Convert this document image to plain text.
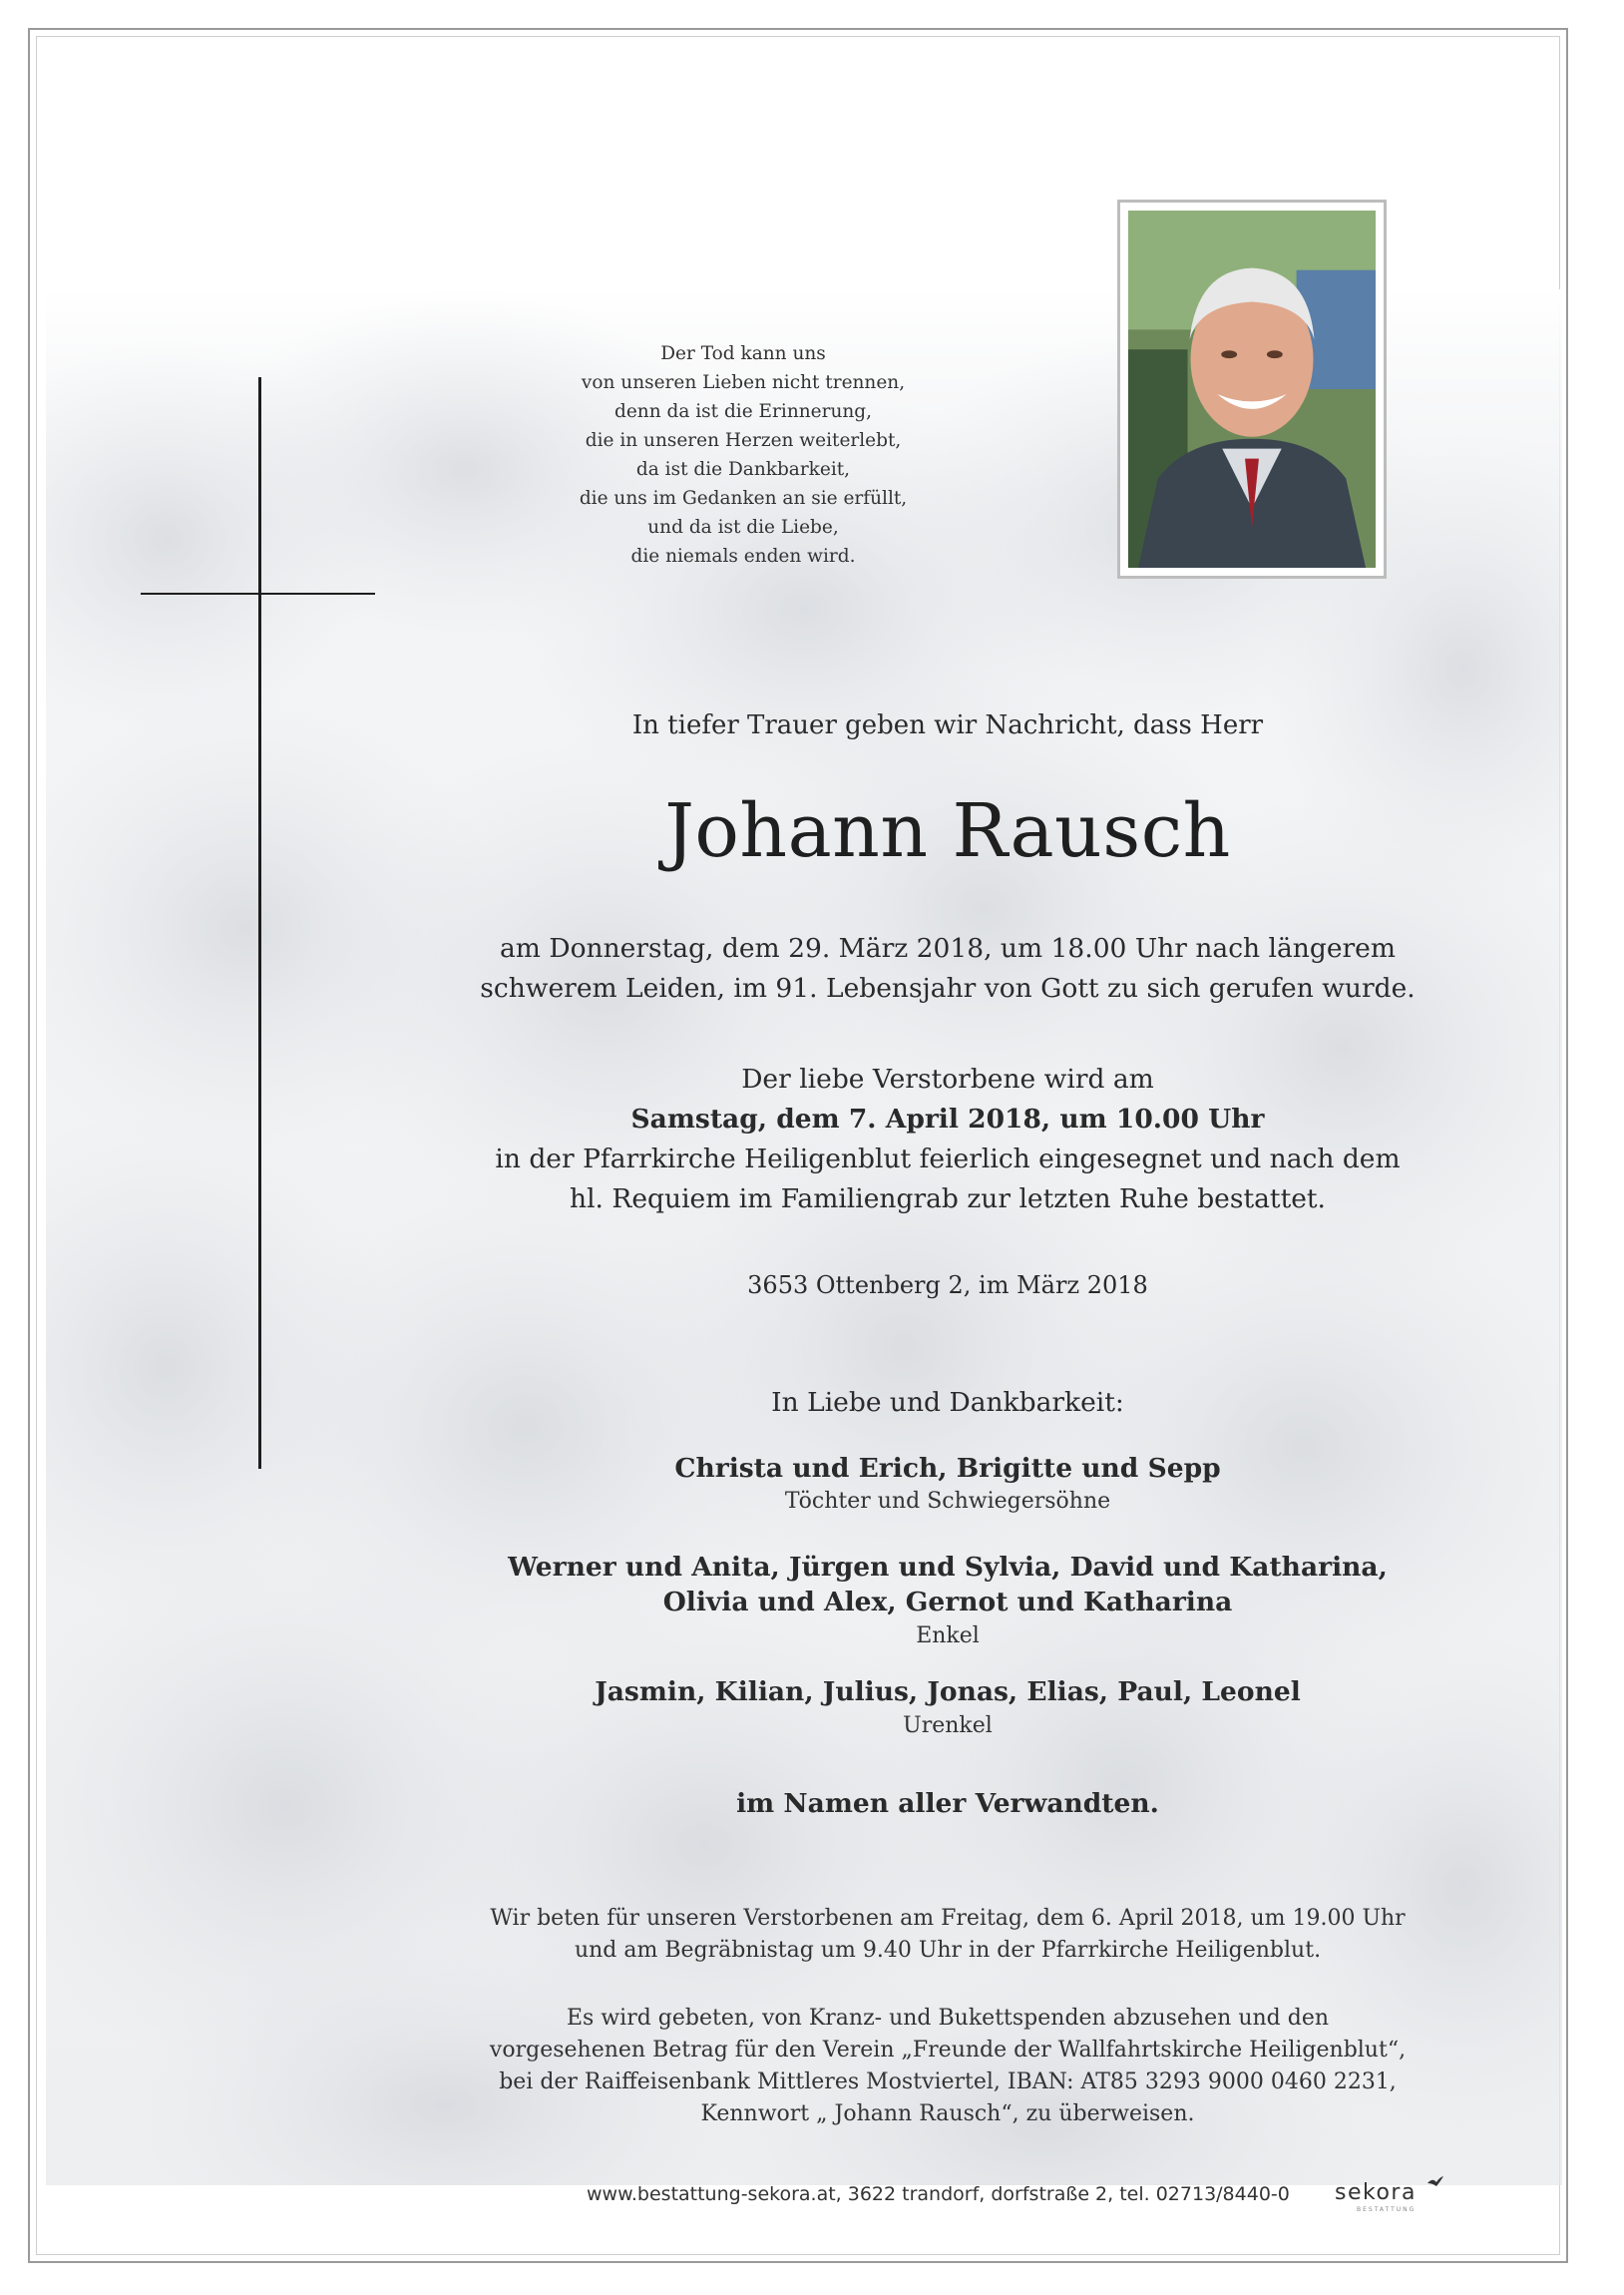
Der Tod kann uns
von unseren Lieben nicht trennen,
denn da ist die Erinnerung,
die in unseren Herzen weiterlebt,
da ist die Dankbarkeit,
die uns im Gedanken an sie erfüllt,
und da ist die Liebe,
die niemals enden wird.
In tiefer Trauer geben wir Nachricht, dass Herr
Johann Rausch
am Donnerstag, dem 29. März 2018, um 18.00 Uhr nach längerem
schwerem Leiden, im 91. Lebensjahr von Gott zu sich gerufen wurde.
Der liebe Verstorbene wird am
Samstag, dem 7. April 2018, um 10.00 Uhr
in der Pfarrkirche Heiligenblut feierlich eingesegnet und nach dem
hl. Requiem im Familiengrab zur letzten Ruhe bestattet.
3653 Ottenberg 2, im März 2018
In Liebe und Dankbarkeit:
Christa und Erich, Brigitte und Sepp
Töchter und Schwiegersöhne
Werner und Anita, Jürgen und Sylvia, David und Katharina,
Olivia und Alex, Gernot und Katharina
Enkel
Jasmin, Kilian, Julius, Jonas, Elias, Paul, Leonel
Urenkel
im Namen aller Verwandten.
Wir beten für unseren Verstorbenen am Freitag, dem 6. April 2018, um 19.00 Uhr
und am Begräbnistag um 9.40 Uhr in der Pfarrkirche Heiligenblut.
Es wird gebeten, von Kranz- und Bukettspenden abzusehen und den
vorgesehenen Betrag für den Verein „Freunde der Wallfahrtskirche Heiligenblut“,
bei der Raiffeisenbank Mittleres Mostviertel, IBAN: AT85 3293 9000 0460 2231,
Kennwort „ Johann Rausch“, zu überweisen.
www.bestattung-sekora.at, 3622 trandorf, dorfstraße 2, tel. 02713/8440-0 sekora
BESTATTUNG
